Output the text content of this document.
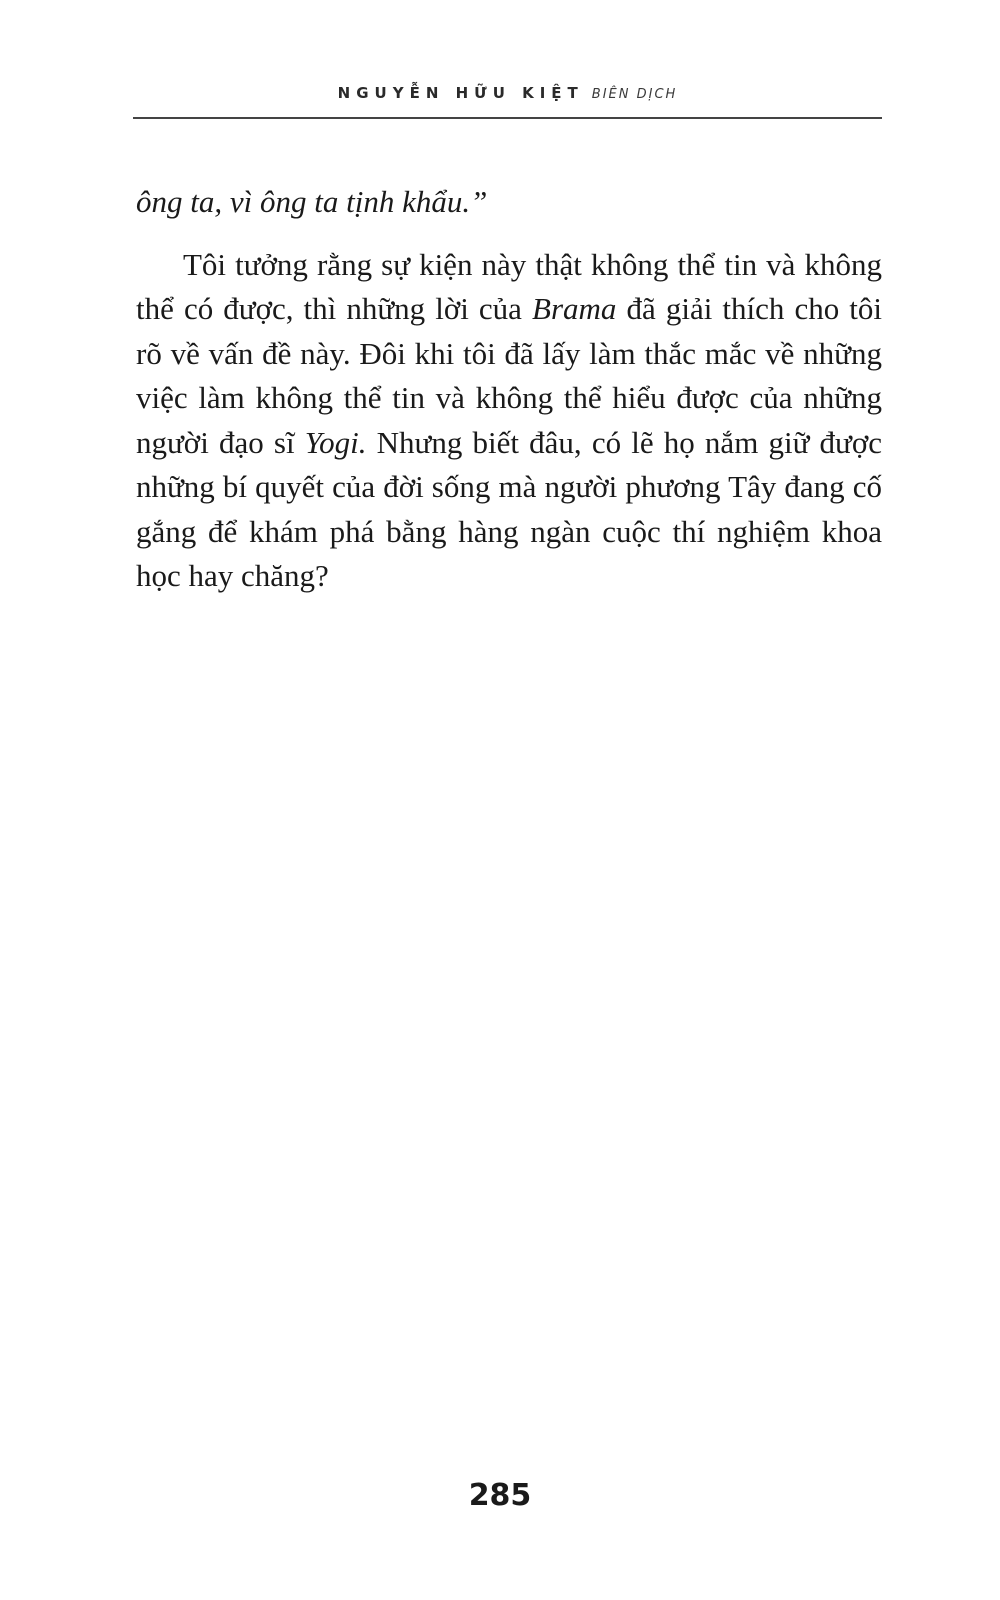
NGUYỄN HỮU KIỆT BIÊN DỊCH

ông ta, vì ông ta tịnh khẩu.”

Tôi tưởng rằng sự kiện này thật không thể tin và không thể có được, thì những lời của Brama đã giải thích cho tôi rõ về vấn đề này. Đôi khi tôi đã lấy làm thắc mắc về những việc làm không thể tin và không thể hiểu được của những người đạo sĩ Yogi. Nhưng biết đâu, có lẽ họ nắm giữ được những bí quyết của đời sống mà người phương Tây đang cố gắng để khám phá bằng hàng ngàn cuộc thí nghiệm khoa học hay chăng?

285
